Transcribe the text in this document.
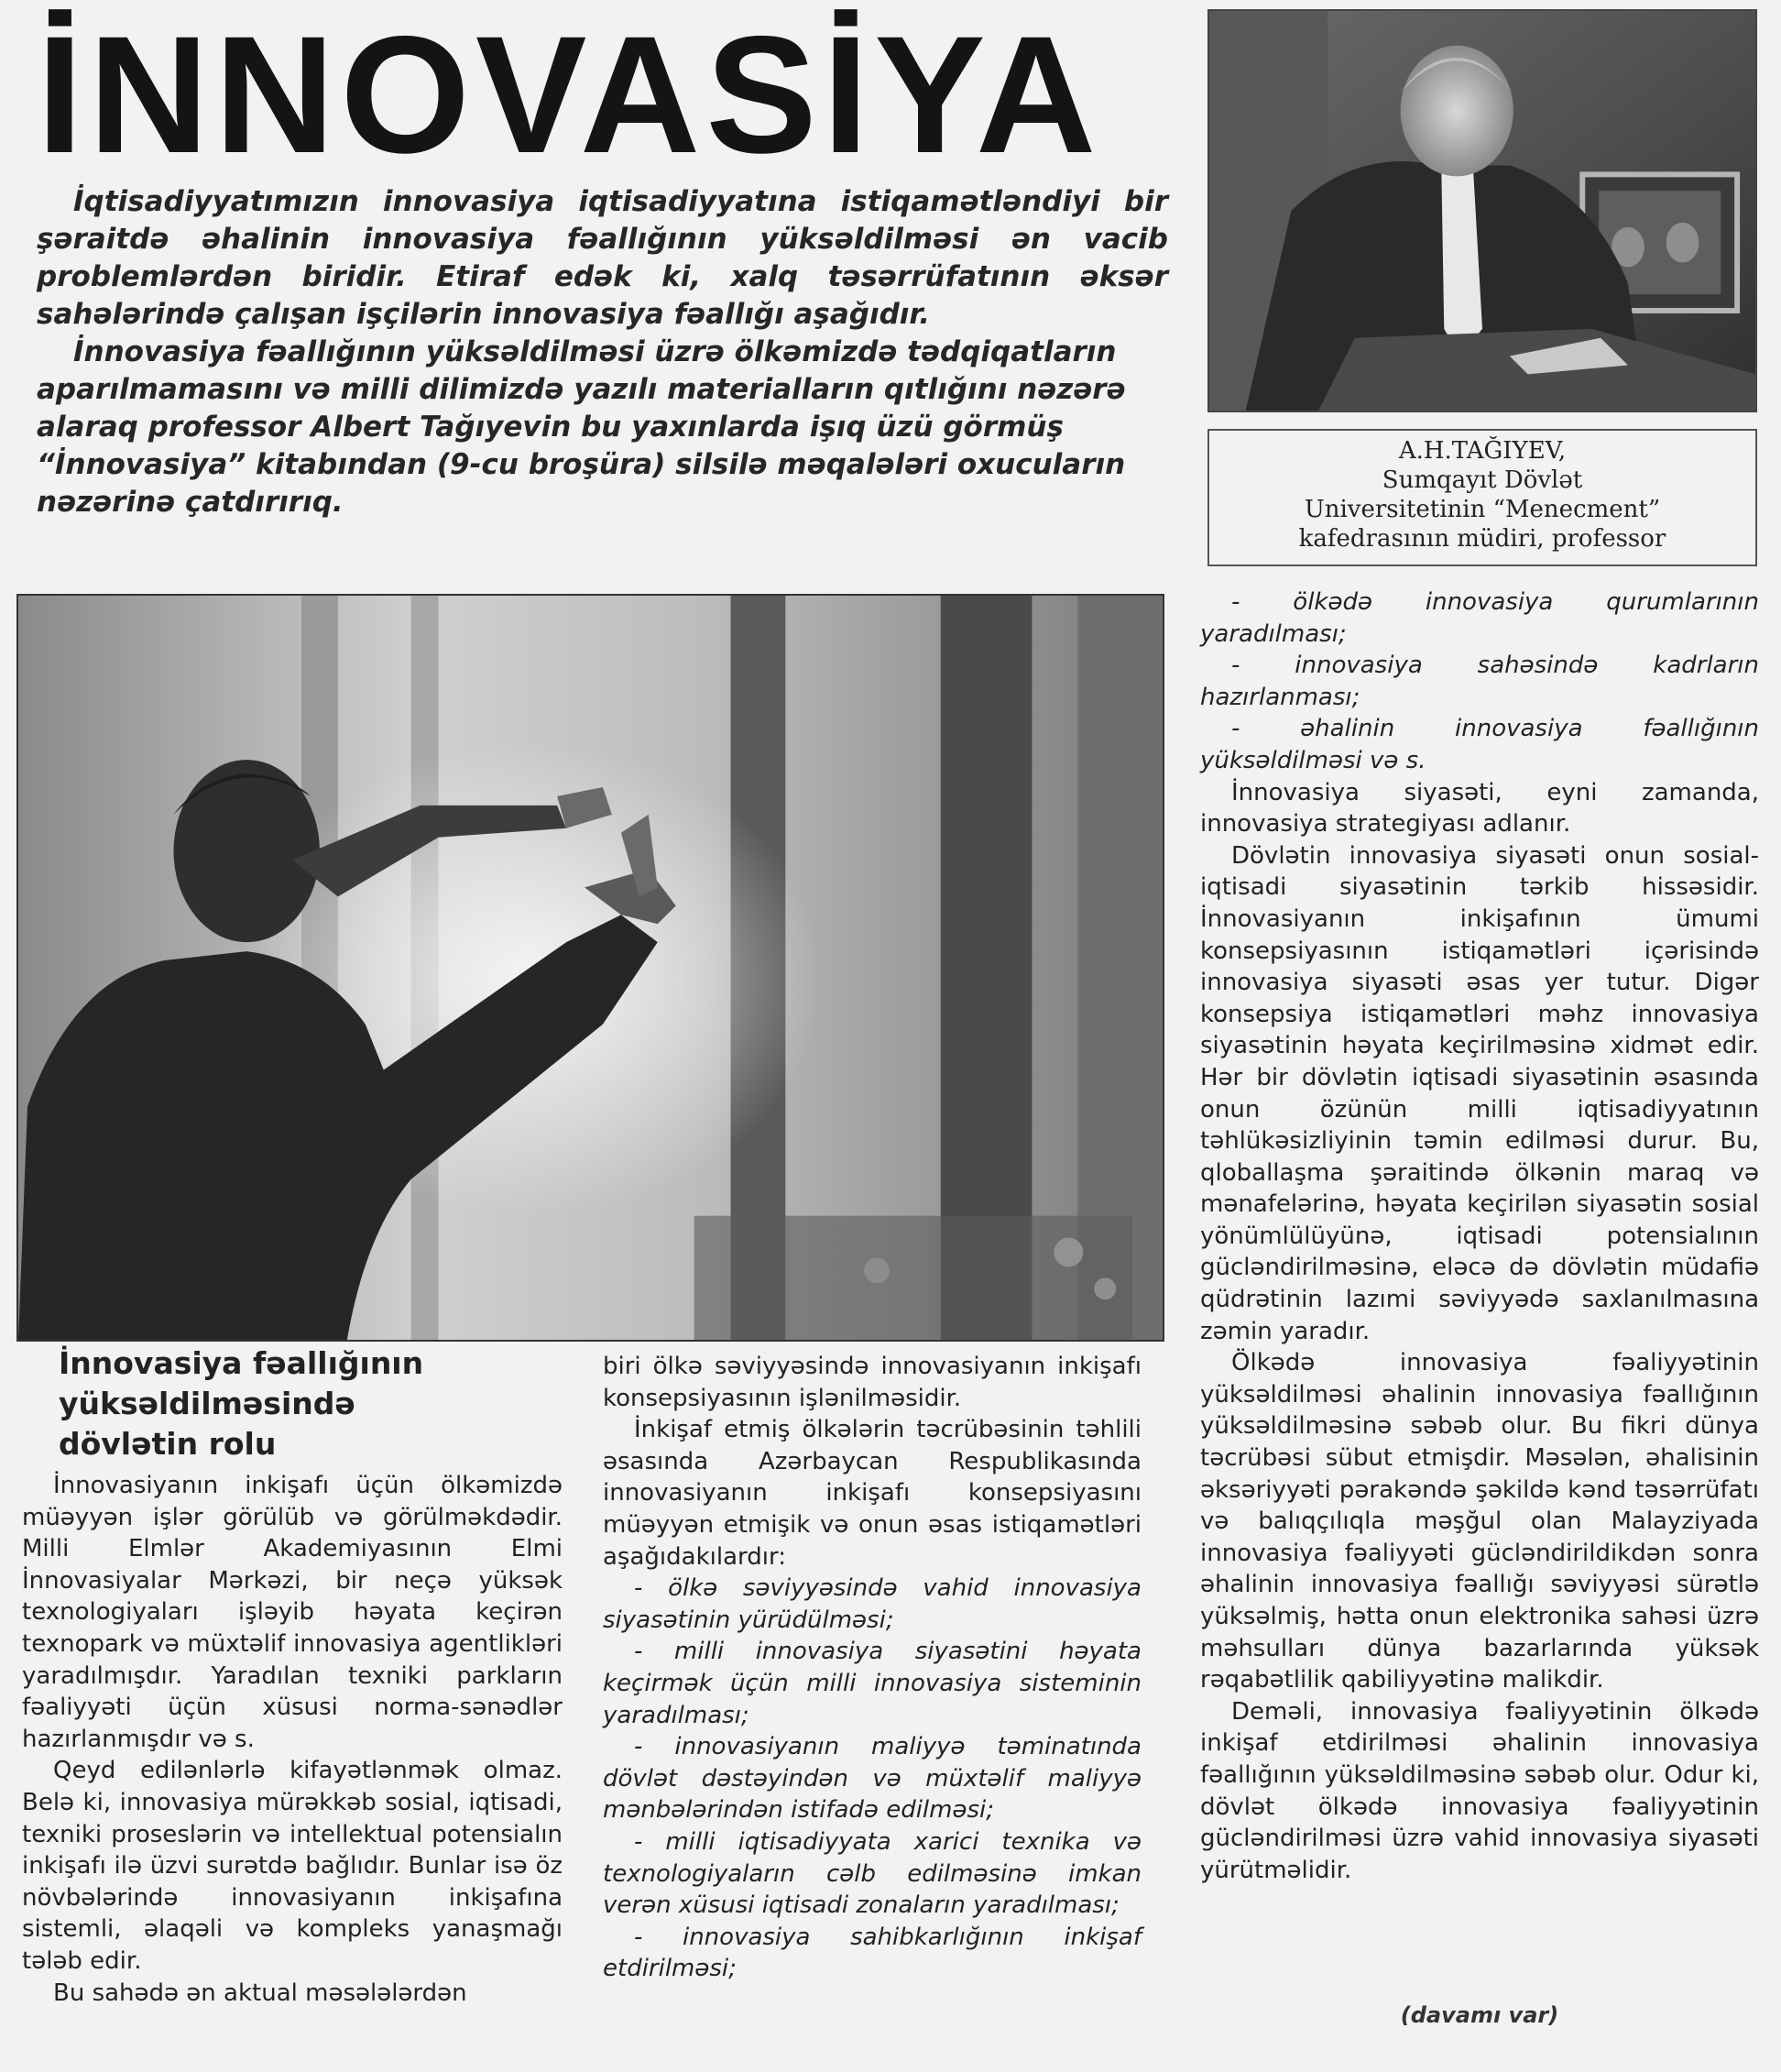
İNNOVASİYA

İqtisadiyyatımızın innovasiya iqtisadiyyatına istiqamətləndiyi bir şəraitdə əhalinin innovasiya fəallığının yüksəldilməsi ən vacib problemlərdən biridir. Etiraf edək ki, xalq təsərrüfatının əksər sahələrində çalışan işçilərin innovasiya fəallığı aşağıdır.

İnnovasiya fəallığının yüksəldilməsi üzrə ölkəmizdə tədqiqatların aparılmamasını və milli dilimizdə yazılı materialların qıtlığını nəzərə alaraq professor Albert Tağıyevin bu yaxınlarda işıq üzü görmüş “İnnovasiya” kitabından (9-cu broşüra) silsilə məqalələri oxucuların nəzərinə çatdırırıq.

A.H.TAĞIYEV,
Sumqayıt Dövlət
Universitetinin “Menecment”
kafedrasının müdiri, professor
İnnovasiya fəallığının
yüksəldilməsində
dövlətin rolu

İnnovasiyanın inkişafı üçün ölkəmizdə müəyyən işlər görülüb və görülməkdədir. Milli Elmlər Akademiyasının Elmi İnnovasiyalar Mərkəzi, bir neçə yüksək texnologiyaları işləyib həyata keçirən texnopark və müxtəlif innovasiya agentlikləri yaradılmışdır. Yaradılan texniki parkların fəaliyyəti üçün xüsusi norma-sənədlər hazırlanmışdır və s.

Qeyd edilənlərlə kifayətlənmək olmaz. Belə ki, innovasiya mürəkkəb sosial, iqtisadi, texniki proseslərin və intellektual potensialın inkişafı ilə üzvi surətdə bağlıdır. Bunlar isə öz növbələrində innovasiyanın inkişafına sistemli, əlaqəli və kompleks yanaşmağı tələb edir.

Bu sahədə ən aktual məsələlərdən

biri ölkə səviyyəsində innovasiyanın inkişafı konsepsiyasının işlənilməsidir.

İnkişaf etmiş ölkələrin təcrübəsinin təhlili əsasında Azərbaycan Respublikasında innovasiyanın inkişafı konsepsiyasını müəyyən etmişik və onun əsas istiqamətləri aşağıdakılardır:

- ölkə səviyyəsində vahid innovasiya siyasətinin yürüdülməsi;

- milli innovasiya siyasətini həyata keçirmək üçün milli innovasiya sisteminin yaradılması;

- innovasiyanın maliyyə təminatında dövlət dəstəyindən və müxtəlif maliyyə mənbələrindən istifadə edilməsi;

- milli iqtisadiyyata xarici texnika və texnologiyaların cəlb edilməsinə imkan verən xüsusi iqtisadi zonaların yaradılması;

- innovasiya sahibkarlığının inkişaf etdirilməsi;

- ölkədə innovasiya qurumlarının yaradılması;

- innovasiya sahəsində kadrların hazırlanması;

- əhalinin innovasiya fəallığının yüksəldilməsi və s.

İnnovasiya siyasəti, eyni zamanda, innovasiya strategiyası adlanır.

Dövlətin innovasiya siyasəti onun sosial-iqtisadi siyasətinin tərkib hissəsidir. İnnovasiyanın inkişafının ümumi konsepsiyasının istiqamətləri içərisində innovasiya siyasəti əsas yer tutur. Digər konsepsiya istiqamətləri məhz innovasiya siyasətinin həyata keçirilməsinə xidmət edir. Hər bir dövlətin iqtisadi siyasətinin əsasında onun özünün milli iqtisadiyyatının təhlükəsizliyinin təmin edilməsi durur. Bu, qloballaşma şəraitində ölkənin maraq və mənafelərinə, həyata keçirilən siyasətin sosial yönümlülüyünə, iqtisadi potensialının gücləndirilməsinə, eləcə də dövlətin müdafiə qüdrətinin lazımi səviyyədə saxlanılmasına zəmin yaradır.

Ölkədə innovasiya fəaliyyətinin yüksəldilməsi əhalinin innovasiya fəallığının yüksəldilməsinə səbəb olur. Bu fikri dünya təcrübəsi sübut etmişdir. Məsələn, əhalisinin əksəriyyəti pərakəndə şəkildə kənd təsərrüfatı və balıqçılıqla məşğul olan Malayziyada innovasiya fəaliyyəti gücləndirildikdən sonra əhalinin innovasiya fəallığı səviyyəsi sürətlə yüksəlmiş, hətta onun elektronika sahəsi üzrə məhsulları dünya bazarlarında yüksək rəqabətlilik qabiliyyətinə malikdir.

Deməli, innovasiya fəaliyyətinin ölkədə inkişaf etdirilməsi əhalinin innovasiya fəallığının yüksəldilməsinə səbəb olur. Odur ki, dövlət ölkədə innovasiya fəaliyyətinin gücləndirilməsi üzrə vahid innovasiya siyasəti yürütməlidir.

(davamı var)
